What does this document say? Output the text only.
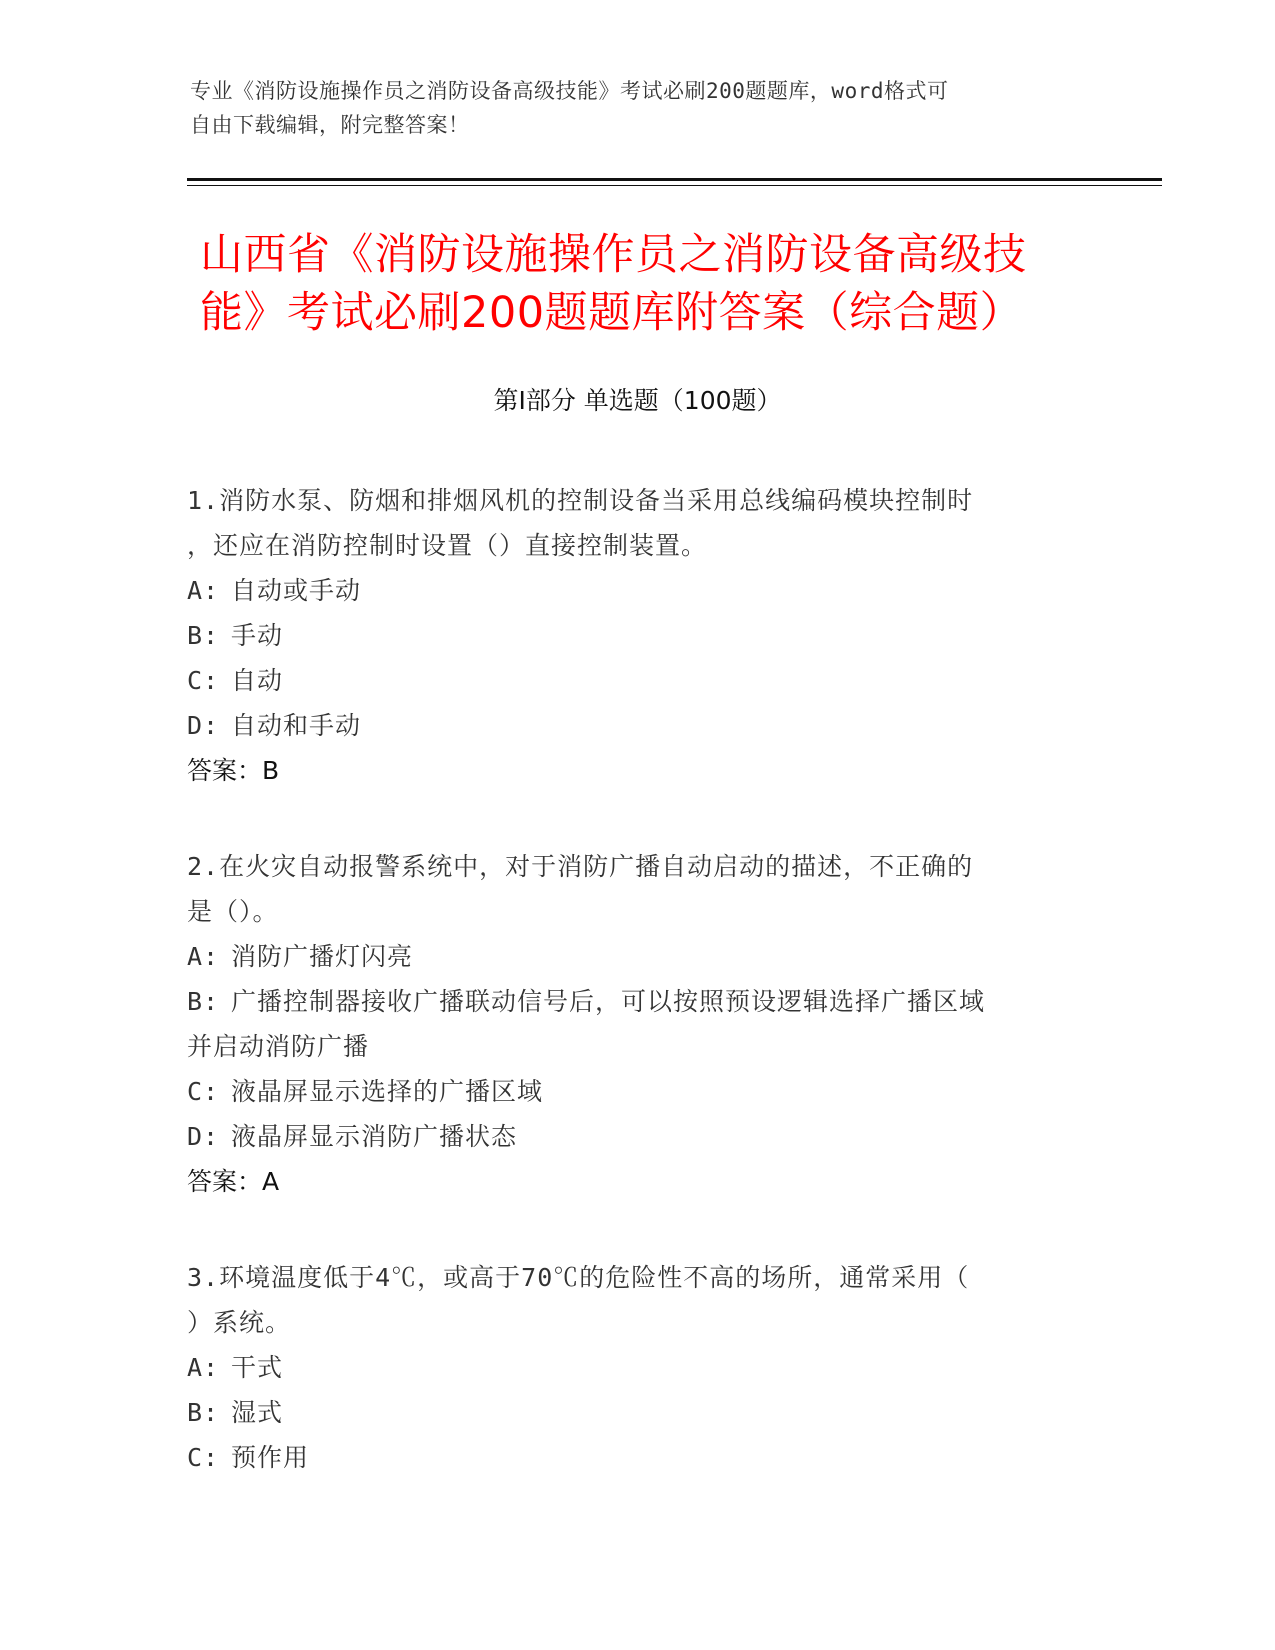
专业《消防设施操作员之消防设备高级技能》考试必刷200题题库，word格式可
自由下载编辑，附完整答案！
山西省《消防设施操作员之消防设备高级技
能》考试必刷200题题库附答案（综合题）
第I部分 单选题（100题）

1.消防水泵、防烟和排烟风机的控制设备当采用总线编码模块控制时

，还应在消防控制时设置（）直接控制装置。

A: 自动或手动

B: 手动

C: 自动

D: 自动和手动

答案：B

2.在火灾自动报警系统中，对于消防广播自动启动的描述，不正确的

是（）。

A: 消防广播灯闪亮

B: 广播控制器接收广播联动信号后，可以按照预设逻辑选择广播区域

并启动消防广播

C: 液晶屏显示选择的广播区域

D: 液晶屏显示消防广播状态

答案：A

3.环境温度低于4℃，或高于70℃的危险性不高的场所，通常采用（

）系统。

A: 干式

B: 湿式

C: 预作用
